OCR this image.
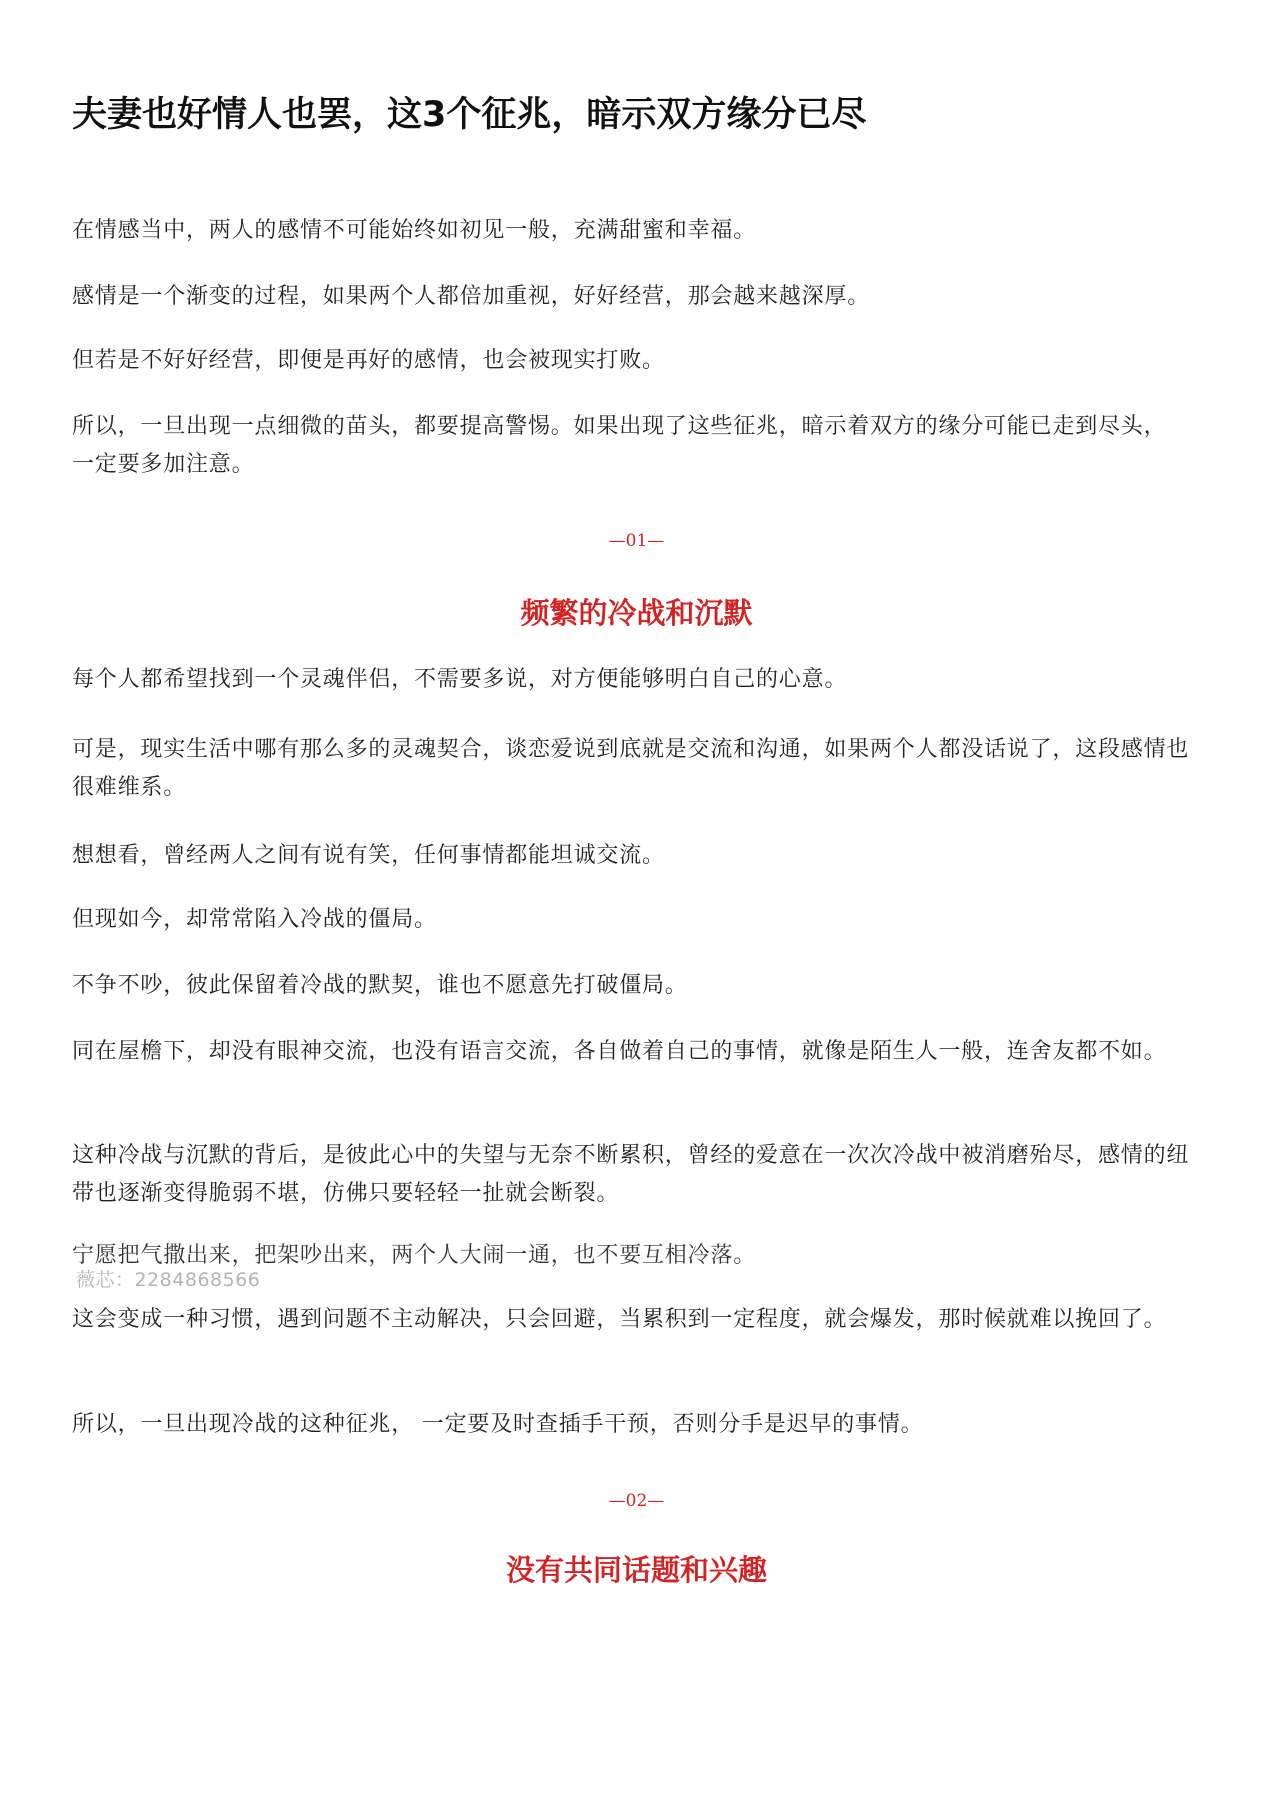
夫妻也好情人也罢，这3个征兆，暗示双方缘分已尽

在情感当中，两人的感情不可能始终如初见一般，充满甜蜜和幸福。

感情是一个渐变的过程，如果两个人都倍加重视，好好经营，那会越来越深厚。

但若是不好好经营，即便是再好的感情，也会被现实打败。

所以，一旦出现一点细微的苗头，都要提高警惕。如果出现了这些征兆，暗示着双方的缘分可能已走到尽头， 一定要多加注意。

—01—

频繁的冷战和沉默

每个人都希望找到一个灵魂伴侣，不需要多说，对方便能够明白自己的心意。

可是，现实生活中哪有那么多的灵魂契合，谈恋爱说到底就是交流和沟通，如果两个人都没话说了，这段感情也很难维系。

想想看，曾经两人之间有说有笑，任何事情都能坦诚交流。

但现如今，却常常陷入冷战的僵局。

不争不吵，彼此保留着冷战的默契，谁也不愿意先打破僵局。

同在屋檐下，却没有眼神交流，也没有语言交流，各自做着自己的事情，就像是陌生人一般，连舍友都不如。

这种冷战与沉默的背后，是彼此心中的失望与无奈不断累积，曾经的爱意在一次次冷战中被消磨殆尽，感情的纽带也逐渐变得脆弱不堪，仿佛只要轻轻一扯就会断裂。

宁愿把气撒出来，把架吵出来，两个人大闹一通，也不要互相冷落。

薇芯：2284868566

这会变成一种习惯，遇到问题不主动解决，只会回避，当累积到一定程度，就会爆发，那时候就难以挽回了。

所以，一旦出现冷战的这种征兆， 一定要及时查插手干预，否则分手是迟早的事情。

—02—

没有共同话题和兴趣
